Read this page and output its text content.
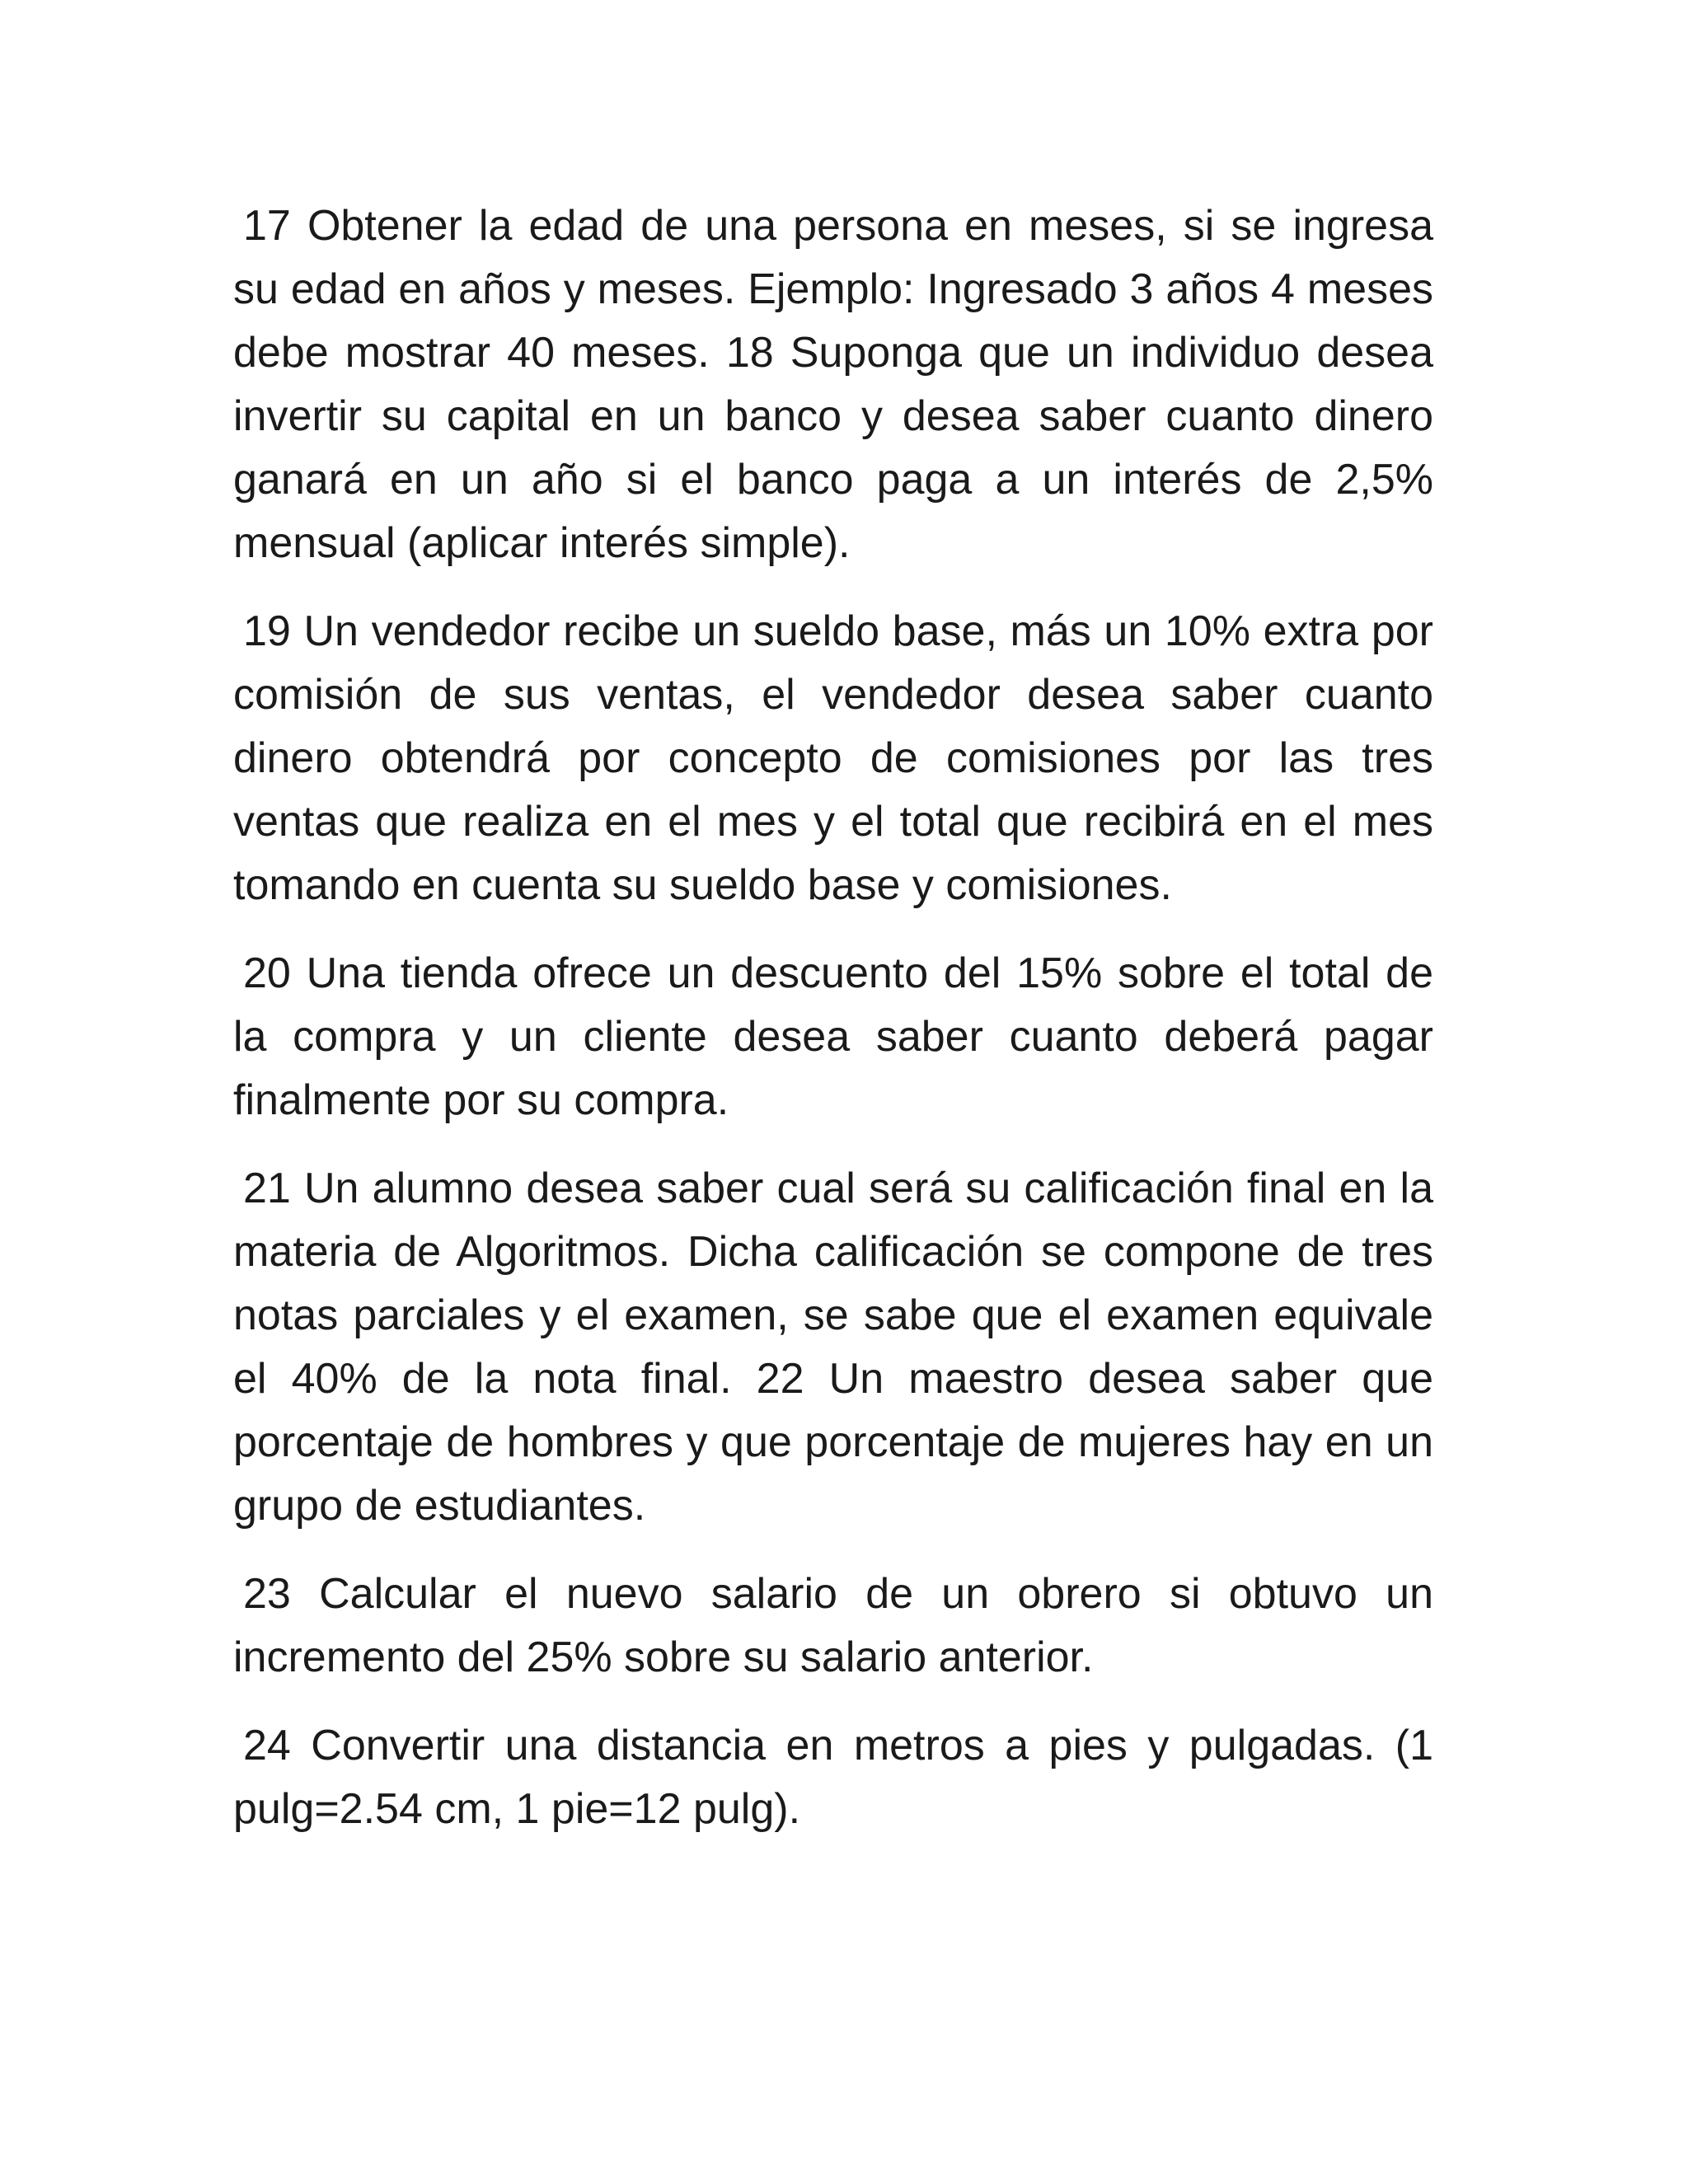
17 Obtener la edad de una persona en meses, si se ingresa su edad en años y meses. Ejemplo: Ingresado 3 años 4 meses debe mostrar 40 meses. 18 Suponga que un individuo desea invertir su capital en un banco y desea saber cuanto dinero ganará en un año si el banco paga a un interés de 2,5% mensual (aplicar interés simple).

19 Un vendedor recibe un sueldo base, más un 10% extra por comisión de sus ventas, el vendedor desea saber cuanto dinero obtendrá por concepto de comisiones por las tres ventas que realiza en el mes y el total que recibirá en el mes tomando en cuenta su sueldo base y comisiones.

20 Una tienda ofrece un descuento del 15% sobre el total de la compra y un cliente desea saber cuanto deberá pagar finalmente por su compra.

21 Un alumno desea saber cual será su calificación final en la materia de Algoritmos. Dicha calificación se compone de tres notas parciales y el examen, se sabe que el examen equivale el 40% de la nota final. 22 Un maestro desea saber que porcentaje de hombres y que porcentaje de mujeres hay en un grupo de estudiantes.

23 Calcular el nuevo salario de un obrero si obtuvo un incremento del 25% sobre su salario anterior.

24 Convertir una distancia en metros a pies y pulgadas. (1 pulg=2.54 cm, 1 pie=12 pulg).
